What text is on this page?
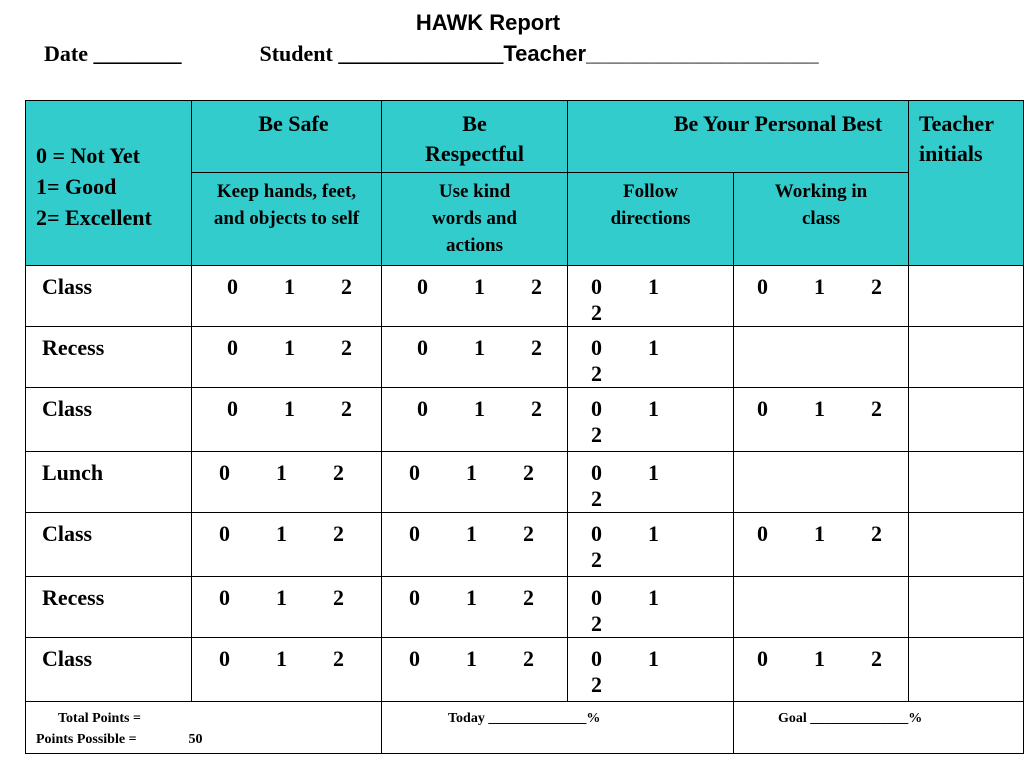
HAWK Report
Date ________	Student _______________Teacher___________________
0 = Not Yet
1= Good
2= Excellent	Be Safe	Be Respectful	Be Your Personal Best		Teacher initials

	Keep hands, feet, and objects to self	Use kind words and actions	Follow directions	Working in class	

Class	0 1 2	0 1 2	0 12	0 1 2	
Recess	0 1 2	0 1 2	0 12		
Class	0 1 2	0 1 2	0 12	0 1 2	
Lunch	0 1 2	0 1 2	0 12		
Class	0 1 2	0 1 2	0 12	0 1 2	
Recess	0 1 2	0 1 2	0 12		
Class	0 1 2	0 1 2	0 12	0 1 2	

Total Points =
Points Possible = 50		Today ______________%		Goal ______________%	
